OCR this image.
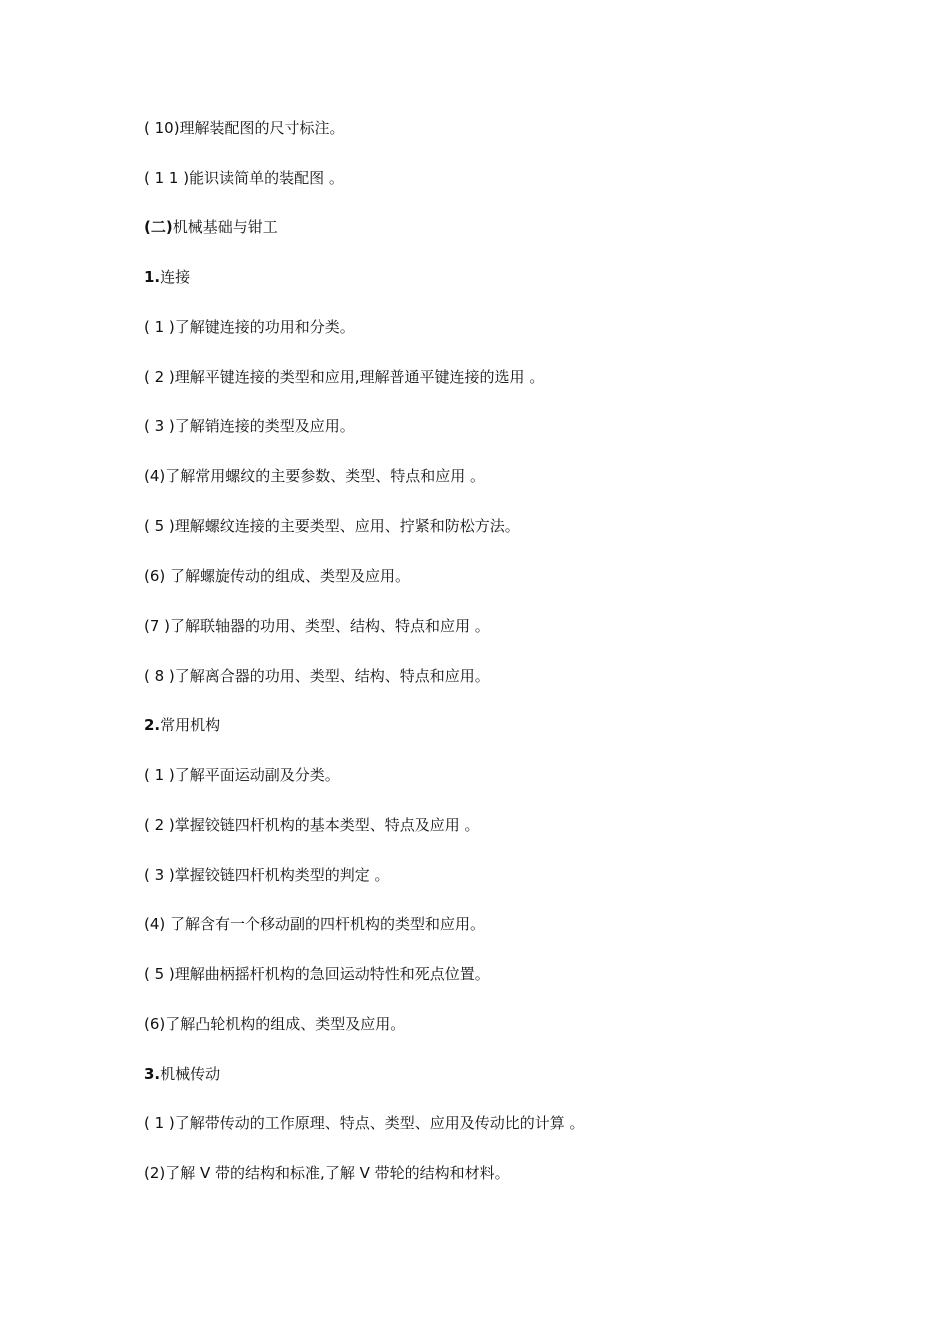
( 10)理解装配图的尺寸标注。

( 1 1 )能识读简单的装配图 。

(二)机械基础与钳工

1.连接

( 1 )了解键连接的功用和分类。

( 2 )理解平键连接的类型和应用,理解普通平键连接的选用 。

( 3 )了解销连接的类型及应用。

(4)了解常用螺纹的主要参数、类型、特点和应用 。

( 5 )理解螺纹连接的主要类型、应用、拧紧和防松方法。

(6) 了解螺旋传动的组成、类型及应用。

(7 )了解联轴器的功用、类型、结构、特点和应用 。

( 8 )了解离合器的功用、类型、结构、特点和应用。

2.常用机构

( 1 )了解平面运动副及分类。

( 2 )掌握铰链四杆机构的基本类型、特点及应用 。

( 3 )掌握铰链四杆机构类型的判定 。

(4) 了解含有一个移动副的四杆机构的类型和应用。

( 5 )理解曲柄摇杆机构的急回运动特性和死点位置。

(6)了解凸轮机构的组成、类型及应用。

3.机械传动

( 1 )了解带传动的工作原理、特点、类型、应用及传动比的计算 。

(2)了解 V 带的结构和标准,了解 V 带轮的结构和材料。
